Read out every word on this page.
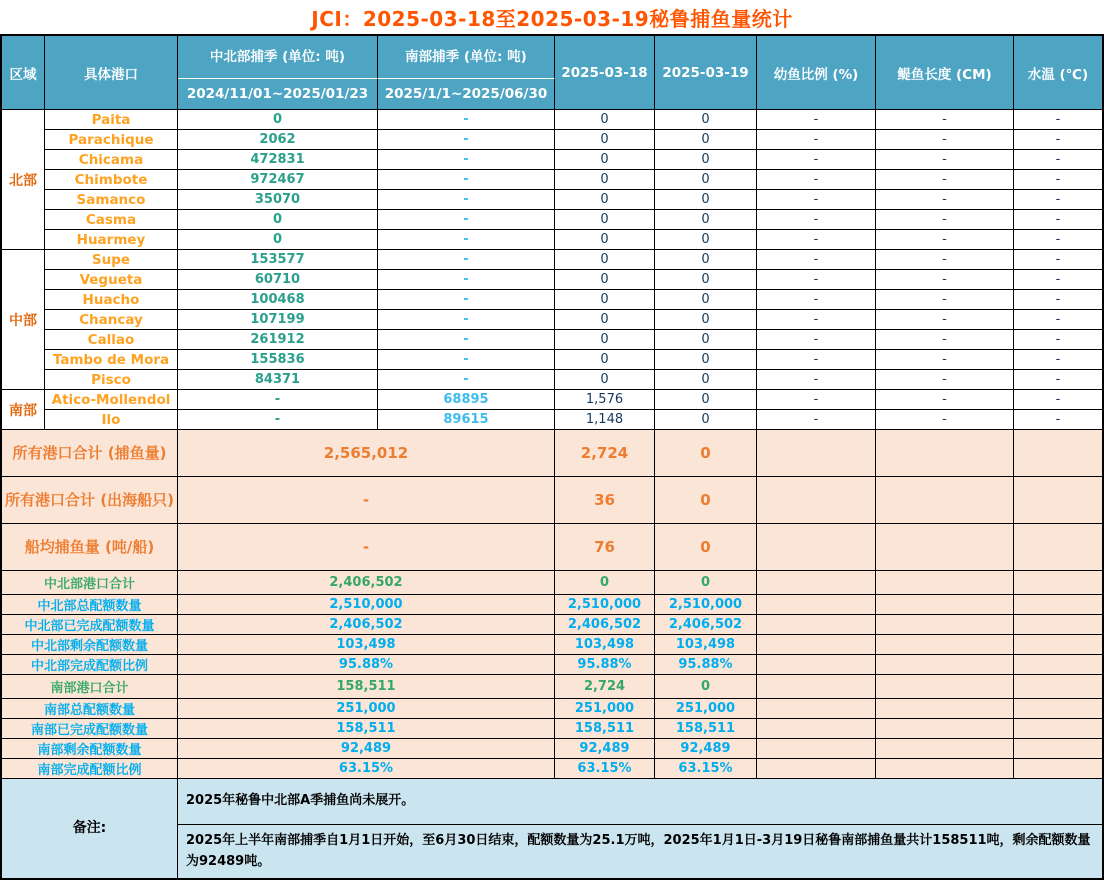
JCI：2025-03-18至2025-03-19秘鲁捕鱼量统计
区域	具体港口
中北部捕季 (单位: 吨)	南部捕季 (单位: 吨)
2024/11/01~2025/01/23	2025/1/1~2025/06/30
2025-03-18	2025-03-19	幼鱼比例 (%)	鳀鱼长度 (CM)	水温 (℃)
北部
Paita	0	-	0	0	-	-	-
Parachique	2062	-	0	0	-	-	-
Chicama	472831	-	0	0	-	-	-
Chimbote	972467	-	0	0	-	-	-
Samanco	35070	-	0	0	-	-	-
Casma	0	-	0	0	-	-	-
Huarmey	0	-	0	0	-	-	-
中部
Supe	153577	-	0	0	-	-	-
Vegueta	60710	-	0	0	-	-	-
Huacho	100468	-	0	0	-	-	-
Chancay	107199	-	0	0	-	-	-
Callao	261912	-	0	0	-	-	-
Tambo de Mora	155836	-	0	0	-	-	-
Pisco	84371	-	0	0	-	-	-
南部
Atico-Mollendol	-	68895	1,576	0	-	-	-
Ilo	-	89615	1,148	0	-	-	-
所有港口合计 (捕鱼量)	2,565,012	2,724	0
所有港口合计 (出海船只)	-	36	0
船均捕鱼量 (吨/船)	-	76	0
中北部港口合计	2,406,502	0	0
中北部总配额数量	2,510,000	2,510,000	2,510,000
中北部已完成配额数量	2,406,502	2,406,502	2,406,502
中北部剩余配额数量	103,498	103,498	103,498
中北部完成配额比例	95.88%	95.88%	95.88%
南部港口合计	158,511	2,724	0
南部总配额数量	251,000	251,000	251,000
南部已完成配额数量	158,511	158,511	158,511
南部剩余配额数量	92,489	92,489	92,489
南部完成配额比例	63.15%	63.15%	63.15%
备注:
2025年秘鲁中北部A季捕鱼尚未展开。
2025年上半年南部捕季自1月1日开始，至6月30日结束，配额数量为25.1万吨，2025年1月1日-3月19日秘鲁南部捕鱼量共计158511吨，剩余配额数量为92489吨。
